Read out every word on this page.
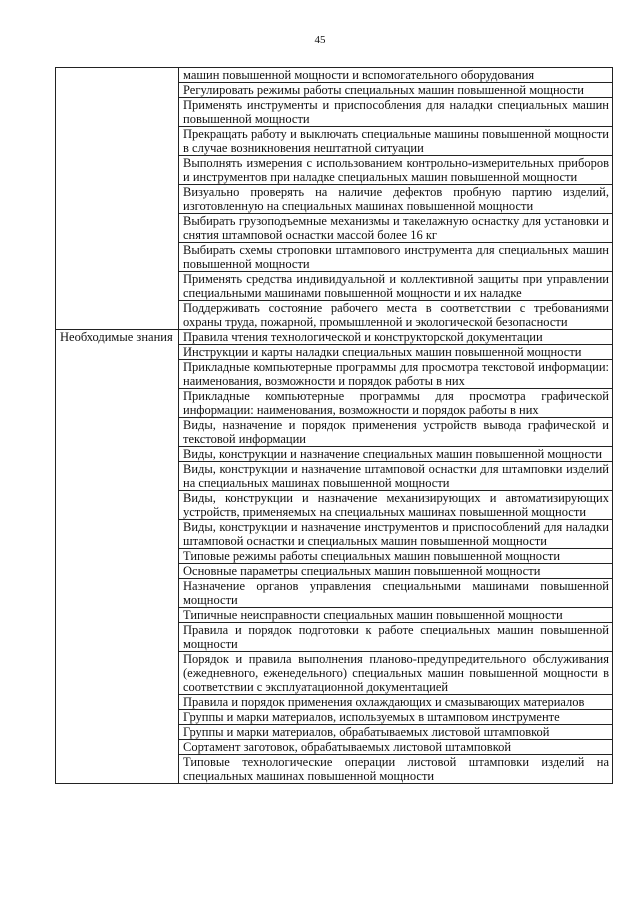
45
	машин повышенной мощности и вспомогательного оборудования
	Регулировать режимы работы специальных машин повышенной мощности
	Применять инструменты и приспособления для наладки специальных машин повышенной мощности
	Прекращать работу и выключать специальные машины повышенной мощности в случае возникновения нештатной ситуации
	Выполнять измерения с использованием контрольно-измерительных приборов и инструментов при наладке специальных машин повышенной мощности
	Визуально проверять на наличие дефектов пробную партию изделий, изготовленную на специальных машинах повышенной мощности
	Выбирать грузоподъемные механизмы и такелажную оснастку для установки и снятия штамповой оснастки массой более 16 кг
	Выбирать схемы строповки штампового инструмента для специальных машин повышенной мощности
	Применять средства индивидуальной и коллективной защиты при управлении специальными машинами повышенной мощности и их наладке
	Поддерживать состояние рабочего места в соответствии с требованиями охраны труда, пожарной, промышленной и экологической безопасности
Необходимые знания	Правила чтения технологической и конструкторской документации
	Инструкции и карты наладки специальных машин повышенной мощности
	Прикладные компьютерные программы для просмотра текстовой информации: наименования, возможности и порядок работы в них
	Прикладные компьютерные программы для просмотра графической информации: наименования, возможности и порядок работы в них
	Виды, назначение и порядок применения устройств вывода графической и текстовой информации
	Виды, конструкции и назначение специальных машин повышенной мощности
	Виды, конструкции и назначение штамповой оснастки для штамповки изделий на специальных машинах повышенной мощности
	Виды, конструкции и назначение механизирующих и автоматизирующих устройств, применяемых на специальных машинах повышенной мощности
	Виды, конструкции и назначение инструментов и приспособлений для наладки штамповой оснастки и специальных машин повышенной мощности
	Типовые режимы работы специальных машин повышенной мощности
	Основные параметры специальных машин повышенной мощности
	Назначение органов управления специальными машинами повышенной мощности
	Типичные неисправности специальных машин повышенной мощности
	Правила и порядок подготовки к работе специальных машин повышенной мощности
	Порядок и правила выполнения планово-предупредительного обслуживания (ежедневного, еженедельного) специальных машин повышенной мощности в соответствии с эксплуатационной документацией
	Правила и порядок применения охлаждающих и смазывающих материалов
	Группы и марки материалов, используемых в штамповом инструменте
	Группы и марки материалов, обрабатываемых листовой штамповкой
	Сортамент заготовок, обрабатываемых листовой штамповкой
	Типовые технологические операции листовой штамповки изделий на специальных машинах повышенной мощности
